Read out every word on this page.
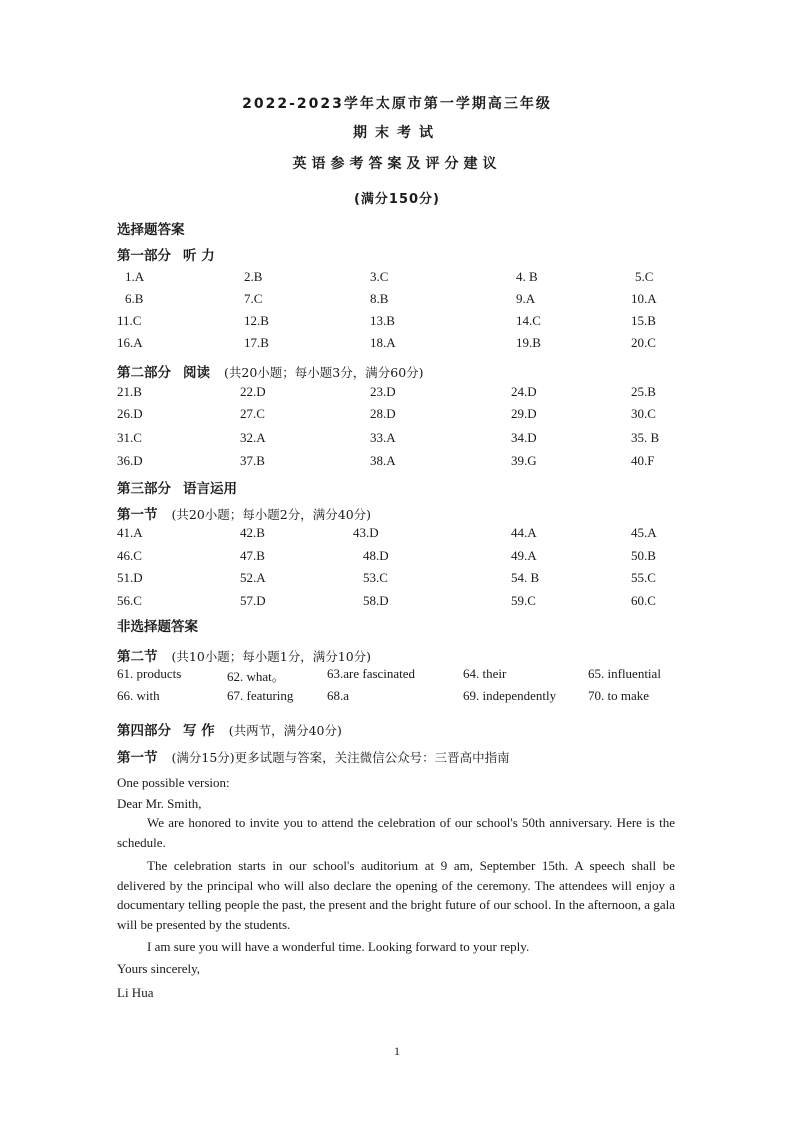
2022-2023学年太原市第一学期高三年级
期末考试
英语参考答案及评分建议
(满分150分)
选择题答案
第一部分 听 力
1.A	2.B	3.C	4. B	5.C
6.B	7.C	8.B	9.A	10.A
11.C	12.B	13.B	14.C	15.B
16.A	17.B	18.A	19.B	20.C
第二部分 阅读 (共20小题；每小题3分，满分60分)
21.B	22.D	23.D	24.D	25.B
26.D	27.C	28.D	29.D	30.C
31.C	32.A	33.A	34.D	35. B
36.D	37.B	38.A	39.G	40.F
第三部分 语言运用
第一节 (共20小题；每小题2分，满分40分)
41.A	42.B	43.D	44.A	45.A
46.C	47.B	48.D	49.A	50.B
51.D	52.A	53.C	54. B	55.C
56.C	57.D	58.D	59.C	60.C
非选择题答案
第二节 (共10小题；每小题1分，满分10分)
61. products	62. what。	63.are fascinated	64. their	65. influential
66. with	67. featuring	68.a	69. independently 70. to make
第四部分 写 作 (共两节，满分40分)
第一节 (满分15分)更多试题与答案，关注微信公众号：三晋高中指南
One possible version:
Dear Mr. Smith,
We are honored to invite you to attend the celebration of our school's 50th anniversary. Here is the schedule.
The celebration starts in our school's auditorium at 9 am, September 15th. A speech shall be delivered by the principal who will also declare the opening of the ceremony. The attendees will enjoy a documentary telling people the past, the present and the bright future of our school. In the afternoon, a gala will be presented by the students.
I am sure you will have a wonderful time. Looking forward to your reply.
Yours sincerely,
Li Hua
1
